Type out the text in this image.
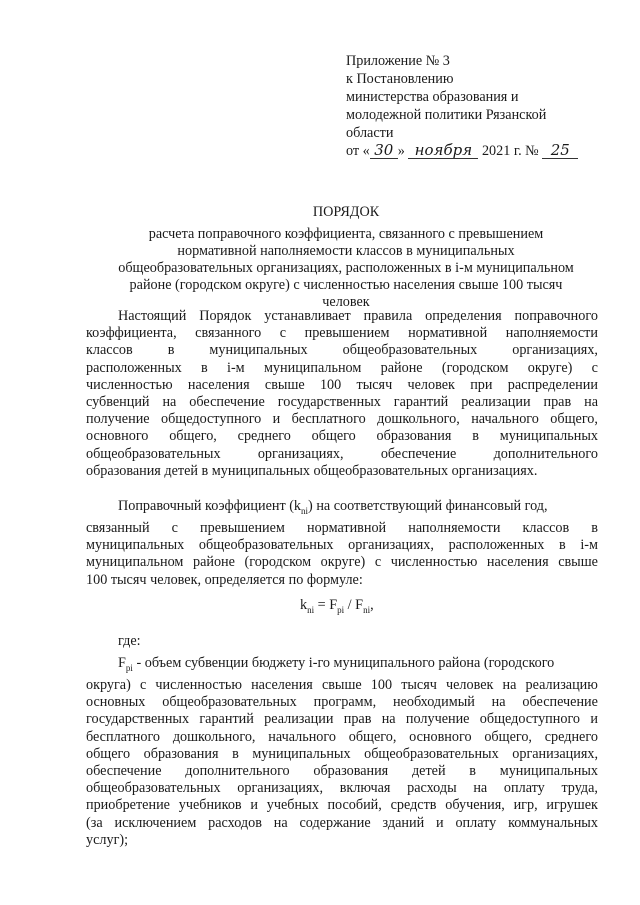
Приложение № 3
к Постановлению
министерства образования и
молодежной политики Рязанской
области
от « 30 » ноября 2021 г. № 25
ПОРЯДОК
расчета поправочного коэффициента, связанного с превышением
нормативной наполняемости классов в муниципальных
общеобразовательных организациях, расположенных в i-м муниципальном
районе (городском округе) с численностью населения свыше 100 тысяч
человек
Настоящий Порядок устанавливает правила определения поправочного
коэффициента, связанного с превышением нормативной наполняемости
классов в муниципальных общеобразовательных организациях,
расположенных в i-м муниципальном районе (городском округе) с
численностью населения свыше 100 тысяч человек при распределении
субвенций на обеспечение государственных гарантий реализации прав на
получение общедоступного и бесплатного дошкольного, начального общего,
основного общего, среднего общего образования в муниципальных
общеобразовательных	организациях,	обеспечение	дополнительного
образования детей в муниципальных общеобразовательных организациях.
Поправочный коэффициент $(k_{ni})$ на соответствующий финансовый год,
связанный с превышением нормативной наполняемости классов в
муниципальных общеобразовательных организациях, расположенных в i-м
муниципальном районе (городском округе) с численностью населения свыше
100 тысяч человек, определяется по формуле:
$k_{ni} = F_{pi} / F_{ni}$,
где:
$F_{pi}$ - объем субвенции бюджету i-го муниципального района (городского
округа) с численностью населения свыше 100 тысяч человек на реализацию
основных общеобразовательных программ, необходимый на обеспечение
государственных гарантий реализации прав на получение общедоступного и
бесплатного дошкольного, начального общего, основного общего, среднего
общего образования в муниципальных общеобразовательных организациях,
обеспечение дополнительного образования детей в муниципальных
общеобразовательных организациях, включая расходы на оплату труда,
приобретение учебников и учебных пособий, средств обучения, игр, игрушек
(за исключением расходов на содержание зданий и оплату коммунальных
услуг);
